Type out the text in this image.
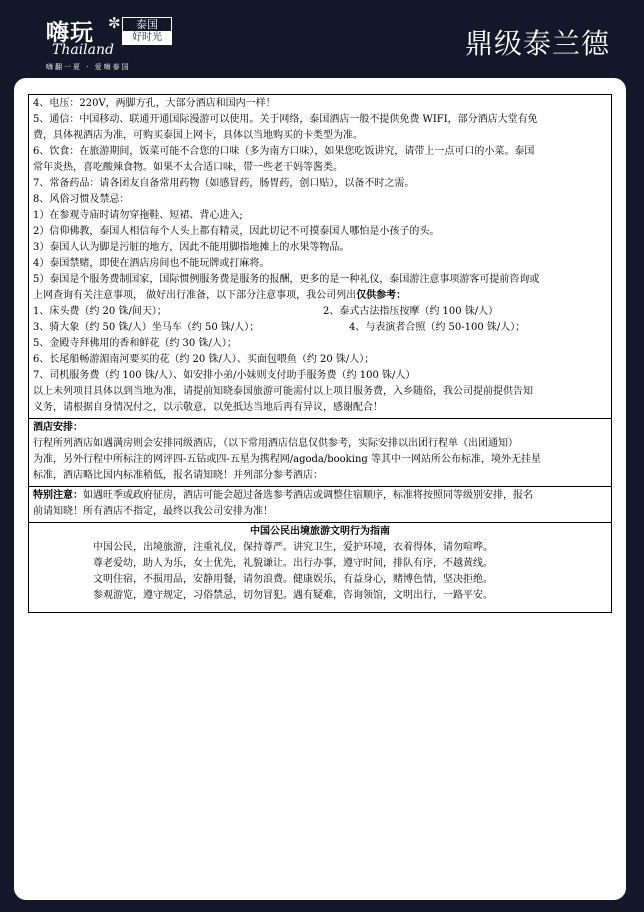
嗨玩 ✼
Thailand
泰国
好时光
嗨翻一夏 · 爱嗨泰国
鼎级泰兰德

4、电压：220V，两脚方孔，大部分酒店和国内一样！

5、通信：中国移动、联通开通国际漫游可以使用。关于网络，泰国酒店一般不提供免费 WIFI，部分酒店大堂有免

费，具体视酒店为准，可购买泰国上网卡，具体以当地购买的卡类型为准。

6、饮食：在旅游期间，饭菜可能不合您的口味（多为南方口味），如果您吃饭讲究，请带上一点可口的小菜。泰国

常年炎热，喜吃酸辣食物。如果不太合适口味，带一些老干妈等酱类。

7、常备药品：请各团友自备常用药物（如感冒药，肠胃药，创口贴），以备不时之需。

8、风俗习惯及禁忌：

1）在参观寺庙时请勿穿拖鞋、短裙、背心进入;

2）信仰佛教，泰国人相信每个人头上都有精灵，因此切记不可摸泰国人哪怕是小孩子的头。

3）泰国人认为脚是污脏的地方，因此不能用脚指地摊上的水果等物品。

4）泰国禁赌，即使在酒店房间也不能玩牌或打麻将。

5）泰国是个服务费制国家，国际惯例服务费是服务的报酬，更多的是一种礼仪，泰国游注意事项游客可提前咨询或

上网查询有关注意事项， 做好出行准备，以下部分注意事项，我公司列出仅供参考：

1、床头费（约 20 铢/间天）；	2、泰式古法指压按摩（约 100 铢/人）
3、骑大象（约 50 铢/人）坐马车（约 50 铢/人）；	4、与表演者合照（约 50-100 铢/人）；

5、金殿寺拜佛用的香和鲜花（约 30 铢/人）；

6、长尾船畅游湄南河要买的花（约 20 铢/人）、买面包喂鱼（约 20 铢/人）；

7、司机服务费（约 100 铢/人）、如安排小弟/小妹则支付助手服务费（约 100 铢/人）

以上未列项目具体以到当地为准，请提前知晓泰国旅游可能需付以上项目服务费，入乡随俗，我公司提前提供告知

义务，请根据自身情况付之，以示敬意，以免抵达当地后再有异议，感谢配合！

酒店安排：

行程所列酒店如遇满房则会安排同级酒店，（以下常用酒店信息仅供参考，实际安排以出团行程单（出团通知）

为准，另外行程中所标注的网评四-五钻或四-五星为携程网/agoda/booking 等其中一网站所公布标准，境外无挂星

标准，酒店略比国内标准稍低，报名请知晓！并列部分参考酒店：

特别注意：如遇旺季或政府征房，酒店可能会超过备选参考酒店或调整住宿顺序，标准将按照同等级别安排，报名

前请知晓！所有酒店不指定，最终以我公司安排为准！

中国公民出境旅游文明行为指南

中国公民，出境旅游，注重礼仪，保持尊严。讲究卫生，爱护环境，衣着得体，请勿喧哗。

尊老爱幼，助人为乐，女士优先，礼貌谦让。出行办事，遵守时间，排队有序，不越黄线。

文明住宿，不损用品，安静用餐，请勿浪费。健康娱乐，有益身心，赌博色情，坚决拒绝。

参观游览，遵守规定，习俗禁忌，切勿冒犯。遇有疑难，咨询领馆，文明出行，一路平安。
